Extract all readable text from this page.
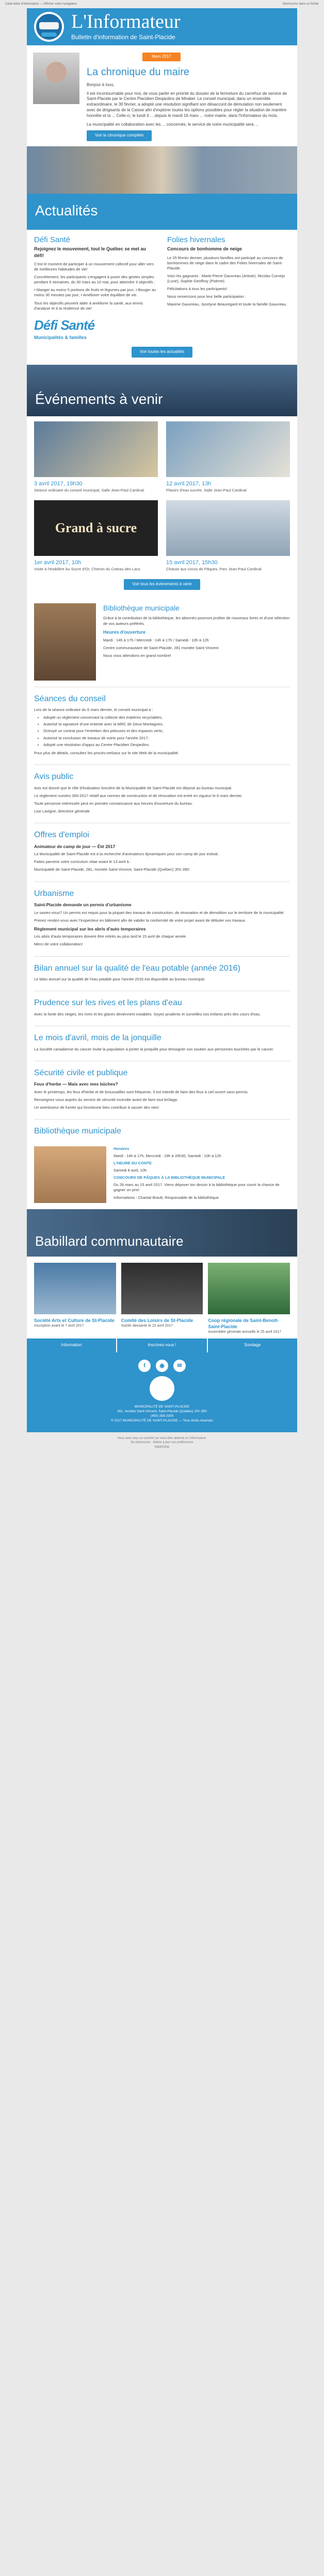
Cette lettre d'information — Afficher votre navigateur	Désinscrire dans ce fichier
L'Informateur

Bulletin d'information de Saint-Placide

Mars 2017
La chronique du maire

Bonjour à tous,

Il est incontournable pour moi, de vous parler en priorité du dossier de la fermeture du carrefour de service de Saint-Placide par le Centre Placidien Desjardins de Mirabel. Le conseil municipal, dans un ensemble extraordinaire, le 30 février, a adopté une résolution signifiant son désaccord de démutation non seulement avec de dirigeants de la Caisse afin d'explorer toutes les options possibles pour régler la situation de manière honnête et la ... Celle-ci, le lundi 4 ... depuis le mardi 16 mars ... notre mairie, dans l'Informateur du mois.

La municipalité en collaboration avec les ... concernés, le service de notre municipalité sera ...

Voir la chronique complète
Actualités
Défi Santé
Rejoignez le mouvement, tout le Québec se met au défi!

C'est le moment de participer à un mouvement collectif pour aller vers de meilleures habitudes de vie!

Concrètement, les participants s'engagent à poser des gestes simples pendant 6 semaines, du 30 mars au 10 mai, pour atteindre 3 objectifs :

• Manger au moins 5 portions de fruits et légumes par jour; • Bouger au moins 30 minutes par jour; • Améliorer votre équilibre de vie.

Tous les objectifs peuvent aider à améliorer la santé, aux tennis d'analyse et à la résilience de vie!

Défi Santé
Municipalités & familles
Folies hivernales
Concours de bonhomme de neige

Le 25 février dernier, plusieurs familles ont participé au concours de bonhommes de neige dans le cadre des Folies hivernales de Saint-Placide.

Voici les gagnants : Marie-Pierre Gauvreau (Artiste), Nicolas Cornejo (Lune), Sophie Geoffroy (Poème).

Félicitations à tous les participants!

Nous remercions pour leur belle participation :

Maxime Gauvreau, Jocelyne Beauregard et toute la famille Gauvreau.

Voir toutes les actualités
Événements à venir
3 avril 2017, 19h30

Séance ordinaire du conseil municipal, Salle Jean-Paul Cardinal

12 avril 2017, 13h

Plaisirs d'eau sucrée, Salle Jean-Paul Cardinal

Grand à sucre
1er avril 2017, 10h

Visite à l'érablière Au Sucre d'Or, Chemin du Coteau des Lacs

15 avril 2017, 15h30

Chasse aux cocos de Pâques, Parc Jean-Paul Cardinal

Voir tous les évènements à venir
Bibliothèque municipale

Grâce à la contribution de la bibliothèque, les abonnés pourront profiter de nouveaux livres et d'une sélection de vos auteurs préférés.

Heures d'ouverture

Mardi : 14h à 17h / Mercredi : 14h à 17h / Samedi : 10h à 12h

Centre communautaire de Saint-Placide, 281 montée Saint-Vincent

Nous vous attendons en grand nombre!

Séances du conseil

Lors de la séance ordinaire du 6 mars dernier, le conseil municipal a :

• Adopté un règlement concernant la collecte des matières recyclables;
• Autorisé la signature d'une entente avec la MRC de Deux-Montagnes;
• Octroyé un contrat pour l'entretien des pelouses et des espaces verts;
• Autorisé la conclusion de travaux de voirie pour l'année 2017;
• Adopté une résolution d'appui au Centre Placidien Desjardins.

Pour plus de détails, consultez les procès-verbaux sur le site Web de la municipalité.

Avis public

Avis est donné que le rôle d'évaluation foncière de la Municipalité de Saint-Placide est déposé au bureau municipal.

Le règlement numéro 356-2017 relatif aux normes de construction et de rénovation est entré en vigueur le 6 mars dernier.

Toute personne intéressée peut en prendre connaissance aux heures d'ouverture du bureau.

Lise Lavigne, directrice générale

Offres d'emploi
Animateur de camp de jour — Été 2017

La Municipalité de Saint-Placide est à la recherche d'animateurs dynamiques pour son camp de jour estival.

Faites parvenir votre curriculum vitae avant le 13 avril à :

Municipalité de Saint-Placide, 281, montée Saint-Vincent, Saint-Placide (Québec) J0V 2B0

Urbanisme
Saint-Placide demande un permis d'urbanisme

Le saviez-vous? Un permis est requis pour la plupart des travaux de construction, de rénovation et de démolition sur le territoire de la municipalité.

Prenez rendez-vous avec l'inspecteur en bâtiment afin de valider la conformité de votre projet avant de débuter vos travaux.

Règlement municipal sur les abris d'auto temporaires

Les abris d'auto temporaires doivent être retirés au plus tard le 15 avril de chaque année.

Merci de votre collaboration!

Bilan annuel sur la qualité de l'eau potable (année 2016)

Le bilan annuel sur la qualité de l'eau potable pour l'année 2016 est disponible au bureau municipal.

Prudence sur les rives et les plans d'eau

Avec la fonte des neiges, les rives et les glaces deviennent instables. Soyez prudents et surveillez vos enfants près des cours d'eau.

Le mois d'avril, mois de la jonquille

La Société canadienne du cancer invite la population à porter la jonquille pour témoigner son soutien aux personnes touchées par le cancer.

Sécurité civile et publique
Feux d'herbe — Mais avec mes bûches?

Avec le printemps, les feux d'herbe et de broussailles sont fréquents. Il est interdit de faire des feux à ciel ouvert sans permis.

Renseignez-vous auprès du service de sécurité incendie avant de faire tout brûlage.

Un avertisseur de fumée qui fonctionne bien contribue à sauver des vies!

Bibliothèque municipale

Horaires

Mardi : 14h à 17h, Mercredi : 19h à 20h30, Samedi : 10h à 12h

L'HEURE DU CONTE

Samedi 8 avril, 10h

CONCOURS DE PÂQUES À LA BIBLIOTHÈQUE MUNICIPALE

Du 28 mars au 15 avril 2017. Viens déposer ton dessin à la bibliothèque pour courir la chance de gagner un prix!

Informations : Chantal Brault, Responsable de la bibliothèque

Babillard communautaire
Société Arts et Culture de St-Placide

Inscription avant le 7 avril 2017

Comité des Loisirs de St-Placide

Soirée dansante le 22 avril 2017

Coop régionale de Saint-Benoît-Saint-Placide

Assemblée générale annuelle le 25 avril 2017

Information	Inscrivez-vous !	Sondage
f	◉	✉

MUNICIPALITÉ DE SAINT-PLACIDE

281, montée Saint-Vincent, Saint-Placide (Québec) J0V 2B0

(450) 258-2305

© 2017 MUNICIPALITÉ DE SAINT-PLACIDE — Tous droits réservés

Vous avez reçu ce courriel car vous êtes abonné à L'Informateur.

Se désinscrire · Mettre à jour vos préférences

MailChimp
